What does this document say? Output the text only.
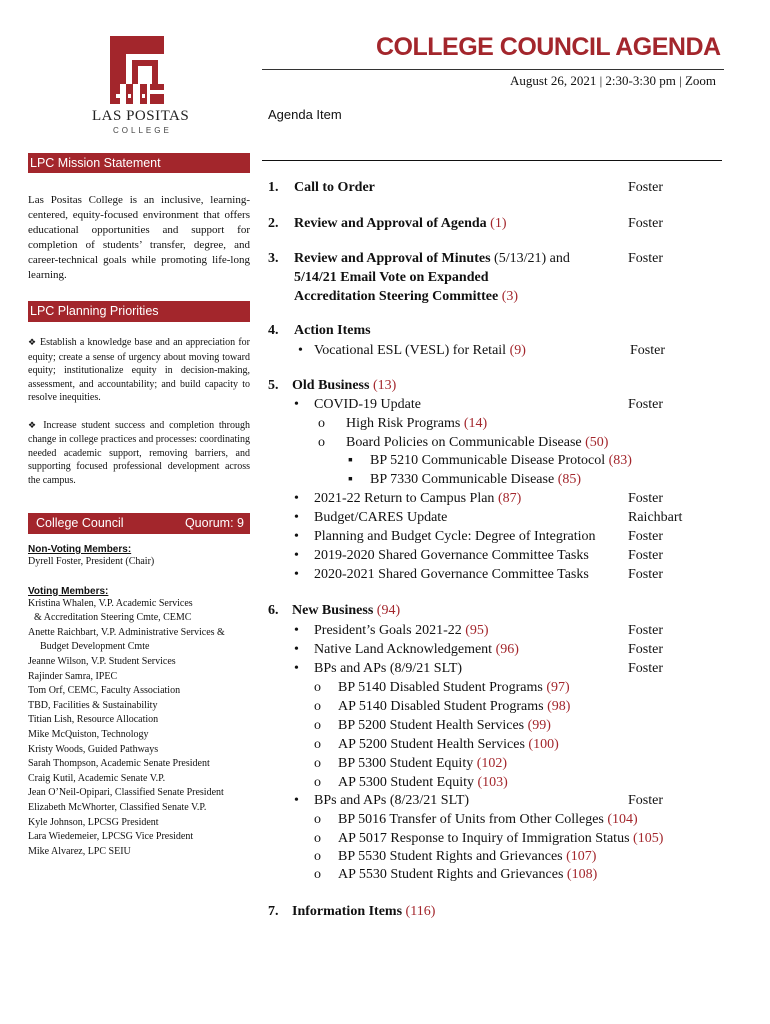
LAS POSITAS
COLLEGE
COLLEGE COUNCIL AGENDA
August 26, 2021 | 2:30-3:30 pm | Zoom
Agenda Item
LPC Mission Statement
Las Positas College is an inclusive, learning-centered, equity-focused environment that offers educational opportunities and support for completion of students’ transfer, degree, and career-technical goals while promoting life-long learning.
LPC Planning Priorities
❖ Establish a knowledge base and an appreciation for equity; create a sense of urgency about moving toward equity; institutionalize equity in decision-making, assessment, and accountability; and build capacity to resolve inequities.
❖ Increase student success and completion through change in college practices and processes: coordinating needed academic support, removing barriers, and supporting focused professional development across the campus.
College Council	Quorum: 9
Non-Voting Members:
Dyrell Foster, President (Chair)
Voting Members:
Kristina Whalen, V.P. Academic Services
& Accreditation Steering Cmte, CEMC
Anette Raichbart, V.P. Administrative Services &
Budget Development Cmte
Jeanne Wilson, V.P. Student Services
Rajinder Samra, IPEC
Tom Orf, CEMC, Faculty Association
TBD, Facilities & Sustainability
Titian Lish, Resource Allocation
Mike McQuiston, Technology
Kristy Woods, Guided Pathways
Sarah Thompson, Academic Senate President
Craig Kutil, Academic Senate V.P.
Jean O’Neil-Opipari, Classified Senate President
Elizabeth McWhorter, Classified Senate V.P.
Kyle Johnson, LPCSG President
Lara Wiedemeier, LPCSG Vice President
Mike Alvarez, LPC SEIU
1. Call to Order	Foster
2. Review and Approval of Agenda (1)	Foster
3. Review and Approval of Minutes (5/13/21) and	Foster
5/14/21 Email Vote on Expanded
Accreditation Steering Committee (3)
4. Action Items
• Vocational ESL (VESL) for Retail (9)	Foster
5. Old Business (13)
• COVID-19 Update	Foster
o High Risk Programs (14)
o Board Policies on Communicable Disease (50)
▪ BP 5210 Communicable Disease Protocol (83)
▪ BP 7330 Communicable Disease (85)
• 2021-22 Return to Campus Plan (87)	Foster
• Budget/CARES Update	Raichbart
• Planning and Budget Cycle: Degree of Integration Foster
• 2019-2020 Shared Governance Committee Tasks	Foster
• 2020-2021 Shared Governance Committee Tasks	Foster
6. New Business (94)
• President’s Goals 2021-22 (95)	Foster
• Native Land Acknowledgement (96)	Foster
• BPs and APs (8/9/21 SLT)	Foster
o BP 5140 Disabled Student Programs (97)
o AP 5140 Disabled Student Programs (98)
o BP 5200 Student Health Services (99)
o AP 5200 Student Health Services (100)
o BP 5300 Student Equity (102)
o AP 5300 Student Equity (103)
• BPs and APs (8/23/21 SLT)	Foster
o BP 5016 Transfer of Units from Other Colleges (104)
o AP 5017 Response to Inquiry of Immigration Status (105)
o BP 5530 Student Rights and Grievances (107)
o AP 5530 Student Rights and Grievances (108)
7. Information Items (116)
